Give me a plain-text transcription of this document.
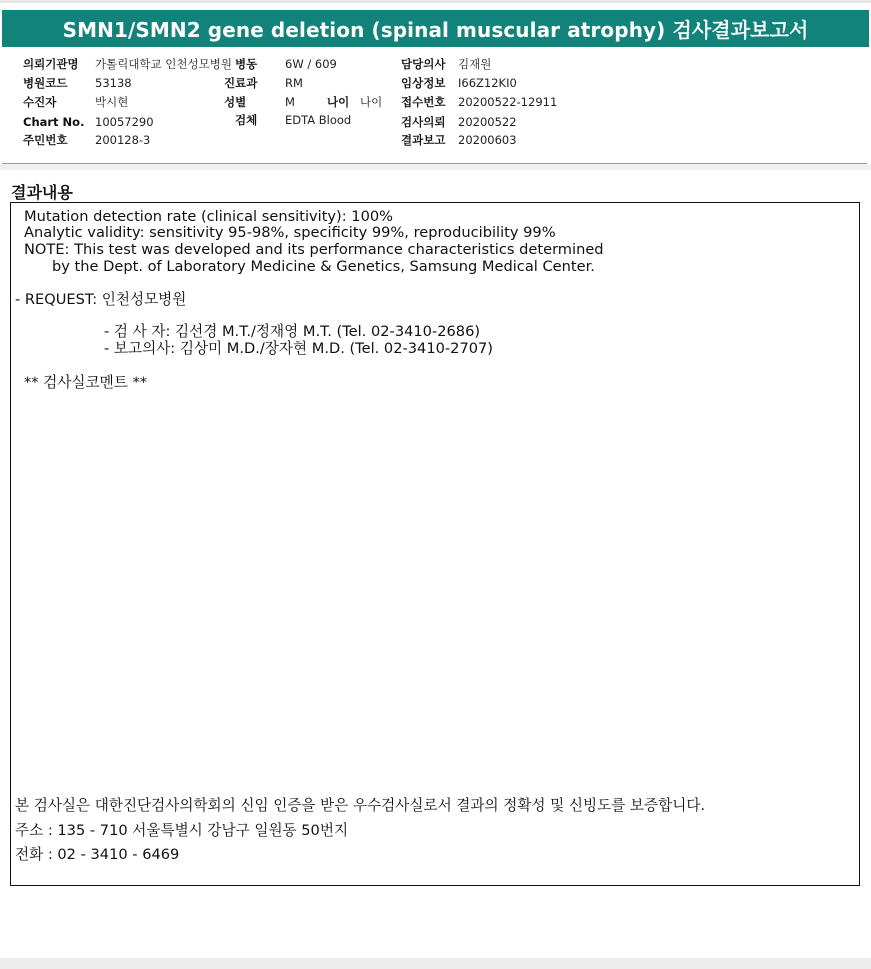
SMN1/SMN2 gene deletion (spinal muscular atrophy) 검사결과보고서
의뢰기관명 가톨릭대학교 인천성모병원 병동 6W / 609	담당의사 김재원
병원코드 53138	진료과 RM	임상정보 I66Z12KI0
수진자	박시현	성별	M	나이 나이 접수번호 20200522-12911
Chart No. 10057290	검체 EDTA Blood	검사의뢰 20200522
주민번호 200128-3	결과보고 20200603
결과내용
Mutation detection rate (clinical sensitivity): 100%
Analytic validity: sensitivity 95-98%, specificity 99%, reproducibility 99%
NOTE: This test was developed and its performance characteristics determined
by the Dept. of Laboratory Medicine & Genetics, Samsung Medical Center.
- REQUEST: 인천성모병원
- 검 사 자: 김선경 M.T./정재영 M.T. (Tel. 02-3410-2686)
- 보고의사: 김상미 M.D./장자현 M.D. (Tel. 02-3410-2707)
** 검사실코멘트 **
본 검사실은 대한진단검사의학회의 신임 인증을 받은 우수검사실로서 결과의 정확성 및 신빙도를 보증합니다.
주소 : 135 - 710 서울특별시 강남구 일원동 50번지
전화 : 02 - 3410 - 6469
